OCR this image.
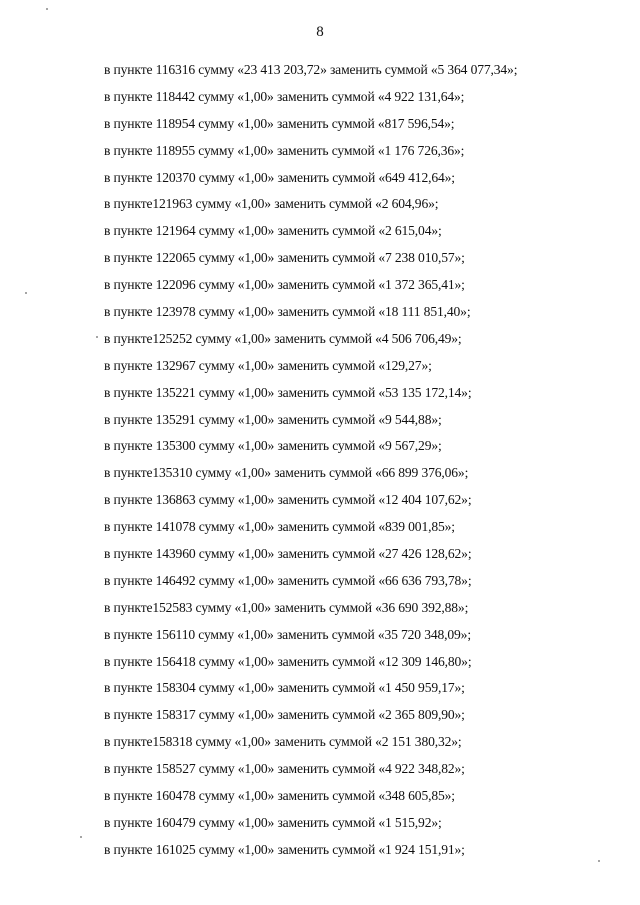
8
в пункте 116316 сумму «23 413 203,72» заменить суммой «5 364 077,34»;
в пункте 118442 сумму «1,00» заменить суммой «4 922 131,64»;
в пункте 118954 сумму «1,00» заменить суммой «817 596,54»;
в пункте 118955 сумму «1,00» заменить суммой «1 176 726,36»;
в пункте 120370 сумму «1,00» заменить суммой «649 412,64»;
в пункте121963 сумму «1,00» заменить суммой «2 604,96»;
в пункте 121964 сумму «1,00» заменить суммой «2 615,04»;
в пункте 122065 сумму «1,00» заменить суммой «7 238 010,57»;
в пункте 122096 сумму «1,00» заменить суммой «1 372 365,41»;
в пункте 123978 сумму «1,00» заменить суммой «18 111 851,40»;
в пункте125252 сумму «1,00» заменить суммой «4 506 706,49»;
в пункте 132967 сумму «1,00» заменить суммой «129,27»;
в пункте 135221 сумму «1,00» заменить суммой «53 135 172,14»;
в пункте 135291 сумму «1,00» заменить суммой «9 544,88»;
в пункте 135300 сумму «1,00» заменить суммой «9 567,29»;
в пункте135310 сумму «1,00» заменить суммой «66 899 376,06»;
в пункте 136863 сумму «1,00» заменить суммой «12 404 107,62»;
в пункте 141078 сумму «1,00» заменить суммой «839 001,85»;
в пункте 143960 сумму «1,00» заменить суммой «27 426 128,62»;
в пункте 146492 сумму «1,00» заменить суммой «66 636 793,78»;
в пункте152583 сумму «1,00» заменить суммой «36 690 392,88»;
в пункте 156110 сумму «1,00» заменить суммой «35 720 348,09»;
в пункте 156418 сумму «1,00» заменить суммой «12 309 146,80»;
в пункте 158304 сумму «1,00» заменить суммой «1 450 959,17»;
в пункте 158317 сумму «1,00» заменить суммой «2 365 809,90»;
в пункте158318 сумму «1,00» заменить суммой «2 151 380,32»;
в пункте 158527 сумму «1,00» заменить суммой «4 922 348,82»;
в пункте 160478 сумму «1,00» заменить суммой «348 605,85»;
в пункте 160479 сумму «1,00» заменить суммой «1 515,92»;
в пункте 161025 сумму «1,00» заменить суммой «1 924 151,91»;
